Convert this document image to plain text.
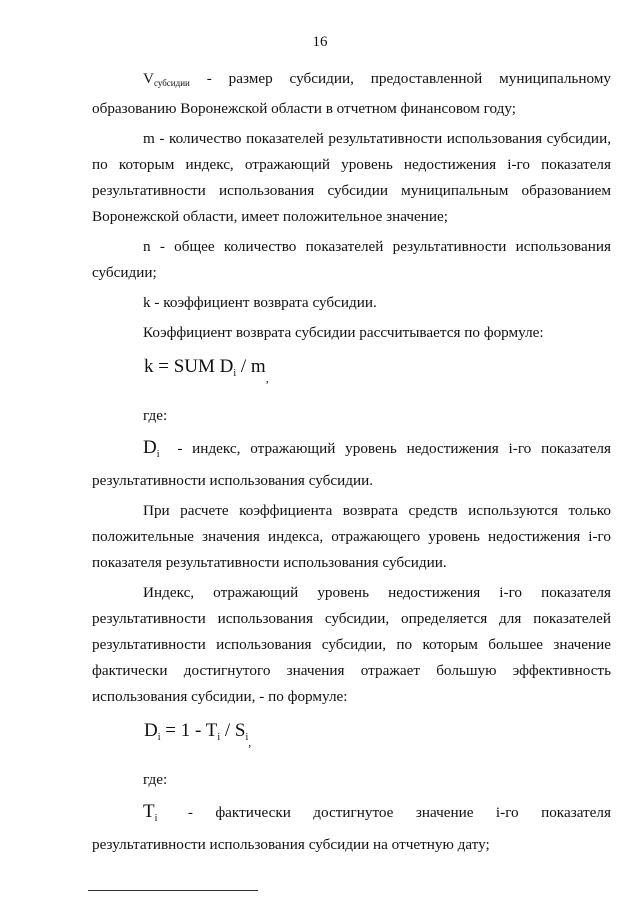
16

$V_{субсидии}$ - размер субсидии, предоставленной муниципальному образованию Воронежской области в отчетном финансовом году;

m - количество показателей результативности использования субсидии, по которым индекс, отражающий уровень недостижения i-го показателя результативности использования субсидии муниципальным образованием Воронежской области, имеет положительное значение;

n - общее количество показателей результативности использования субсидии;

k - коэффициент возврата субсидии.

Коэффициент возврата субсидии рассчитывается по формуле:

k = SUM $D_i / m_,$

где:

$D_i$ - индекс, отражающий уровень недостижения i-го показателя

результативности использования субсидии.

При расчете коэффициента возврата средств используются только положительные значения индекса, отражающего уровень недостижения i-го показателя результативности использования субсидии.

Индекс, отражающий уровень недостижения i-го показателя результативности использования субсидии, определяется для показателей результативности использования субсидии, по которым большее значение фактически достигнутого значения отражает большую эффективность использования субсидии, - по формуле:

$D_i = 1 - T_i / S_{i,}$

где:

$T_i$ - фактически достигнутое значение i-го показателя

результативности использования субсидии на отчетную дату;
